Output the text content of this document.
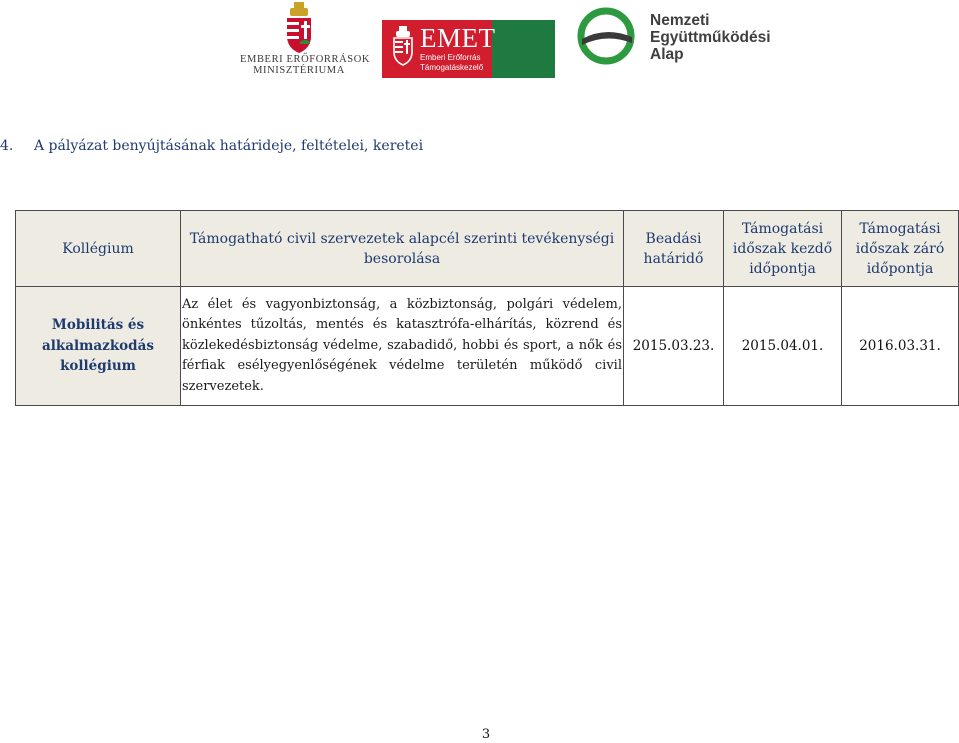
EMBERI ERŐFORRÁSOK
MINISZTÉRIUMA
EMET
Emberi Erőforrás
Támogatáskezelő
Nemzeti
Együttműködési
Alap
4. A pályázat benyújtásának határideje, feltételei, keretei
Kollégium	Támogatható civil szervezetek alapcél szerinti tevékenységi besorolása	Beadási határidő	Támogatási időszak kezdő időpontja	Támogatási időszak záró időpontja
Mobilitás és alkalmazkodás kollégium	Az élet és vagyonbiztonság, a közbiztonság, polgári védelem, önkéntes tűzoltás, mentés és katasztrófa-elhárítás, közrend és közlekedésbiztonság védelme, szabadidő, hobbi és sport, a nők és férfiak esélyegyenlőségének védelme területén működő civil szervezetek.	2015.03.23.	2015.04.01.	2016.03.31.
3
